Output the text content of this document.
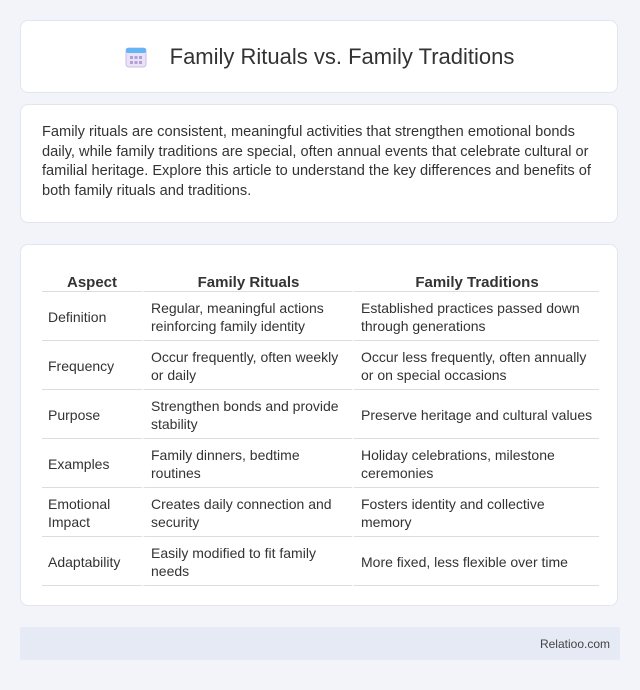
Family Rituals vs. Family Traditions

Family rituals are consistent, meaningful activities that strengthen emotional bonds daily, while family traditions are special, often annual events that celebrate cultural or familial heritage. Explore this article to understand the key differences and benefits of both family rituals and traditions.

Aspect	Family Rituals	Family Traditions
Definition	Regular, meaningful actions reinforcing family identity	Established practices passed down through generations
Frequency	Occur frequently, often weekly or daily	Occur less frequently, often annually or on special occasions
Purpose	Strengthen bonds and provide stability	Preserve heritage and cultural values
Examples	Family dinners, bedtime routines	Holiday celebrations, milestone ceremonies
Emotional Impact	Creates daily connection and security	Fosters identity and collective memory
Adaptability	Easily modified to fit family needs	More fixed, less flexible over time
Relatioo.com
